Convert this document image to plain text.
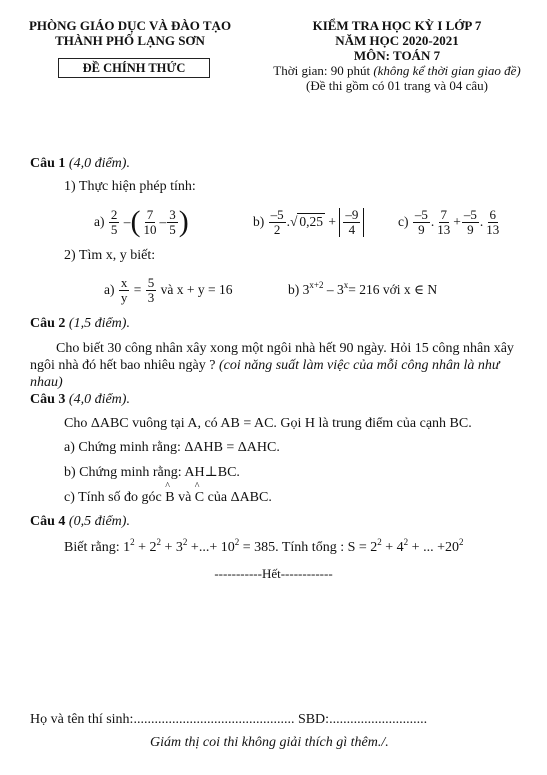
PHÒNG GIÁO DỤC VÀ ĐÀO TẠO
THÀNH PHỐ LẠNG SƠN
ĐỀ CHÍNH THỨC
KIỂM TRA HỌC KỲ I LỚP 7
NĂM HỌC 2020-2021
MÔN: TOÁN 7
Thời gian: 90 phút (không kể thời gian giao đề)
(Đề thi gồm có 01 trang và 04 câu)
Câu 1 (4,0 điểm).
1) Thực hiện phép tính:
a)
$\frac{2}{5}$ – ( $\frac{7}{10} - \frac{3}{5}$ )	b)
$\frac{-5}{2}$ . √ $0,25 + \frac{-9}{4}$	c)
$\frac{-5}{9}$ . $\frac{7}{13} + \frac{-5}{9}$ . $\frac{6}{13}$
2) Tìm x, y biết:
a)
$\frac{x}{y} = \frac{5}{3}$
và x + y = 16	b)
$3^{x+2} - 3^x = 216$ với x ∈ N
Câu 2 (1,5 điểm).
Cho biết 30 công nhân xây xong một ngôi nhà hết 90 ngày. Hỏi 15 công nhân xây ngôi nhà đó hết bao nhiêu ngày ? (coi năng suất làm việc của mỗi công nhân là như nhau)
Câu 3 (4,0 điểm).
Cho ΔABC vuông tại A, có AB = AC. Gọi H là trung điểm của cạnh BC.
a) Chứng minh rằng: ΔAHB = ΔAHC.
b) Chứng minh rằng: AH⊥BC.
c) Tính số đo góc B
^
và C
^
của ΔABC.
Câu 4 (0,5 điểm).
Biết rằng: $1^2 + 2^2 + 3^2$ +...+ $10^2 = 385$. Tính tổng : $S = 2^2 + 4^2$ + ... $+20^2$
-----------Hết------------
Họ và tên thí sinh:.............................................. SBD:............................
Giám thị coi thi không giải thích gì thêm./.
